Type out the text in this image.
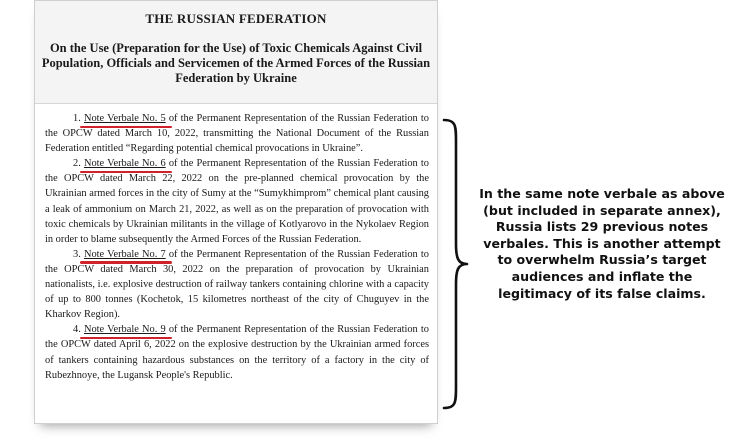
THE RUSSIAN FEDERATION
On the Use (Preparation for the Use) of Toxic Chemicals Against Civil Population, Officials and Servicemen of the Armed Forces of the Russian Federation by Ukraine

1. Note Verbale No. 5
of the Permanent Representation of the Russian Federation to the OPCW dated March 10, 2022, transmitting the National Document of the Russian Federation entitled “Regarding potential chemical provocations in Ukraine”.

2. Note Verbale No. 6
of the Permanent Representation of the Russian Federation to the OPCW dated March 22, 2022 on the pre-planned chemical provocation by the Ukrainian armed forces in the city of Sumy at the “Sumykhimprom” chemical plant causing a leak of ammonium on March 21, 2022, as well as on the preparation of provocation with toxic chemicals by Ukrainian militants in the village of Kotlyarovo in the Nykolaev Region in order to blame subsequently the Armed Forces of the Russian Federation.

3. Note Verbale No. 7
of the Permanent Representation of the Russian Federation to the OPCW dated March 30, 2022 on the preparation of provocation by Ukrainian nationalists, i.e. explosive destruction of railway tankers containing chlorine with a capacity of up to 800 tonnes (Kochetok, 15 kilometres northeast of the city of Chuguyev in the Kharkov Region).

4. Note Verbale No. 9
of the Permanent Representation of the Russian Federation to the OPCW dated April 6, 2022 on the explosive destruction by the Ukrainian armed forces of tankers containing hazardous substances on the territory of a factory in the city of Rubezhnoye, the Lugansk People's Republic.

In the same note verbale as above (but included in separate annex), Russia lists 29 previous notes verbales. This is another attempt to overwhelm Russia’s target audiences and inflate the legitimacy of its false claims.
